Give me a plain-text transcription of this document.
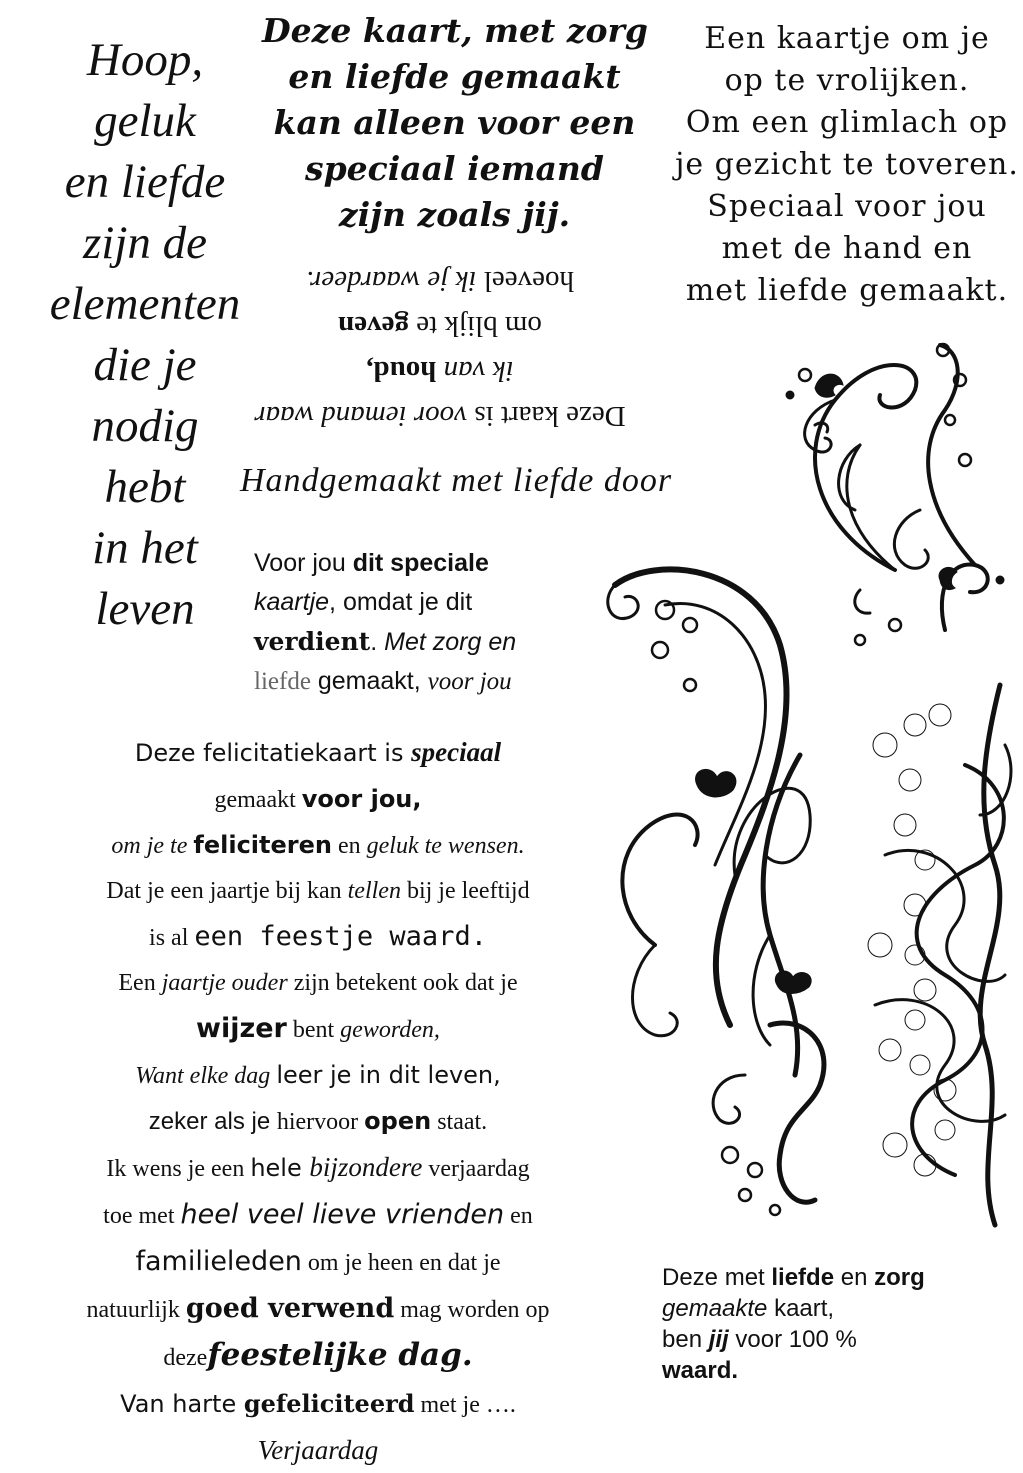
Hoop,
geluk
en liefde
zijn de
elementen
die je
nodig
hebt
in het
leven
Deze kaart, met zorg
en liefde gemaakt
kan alleen voor een
speciaal iemand
zijn zoals jij.
Een kaartje om je
op te vrolijken.
Om een glimlach op
je gezicht te toveren.
Speciaal voor jou
met de hand en
met liefde gemaakt.
Deze kaart is voor iemand waar
ik van houd,
om blijk te geven
hoeveel ik je waardeer.
Handgemaakt met liefde door
Voor jou dit speciale
kaartje, omdat je dit
verdient. Met zorg en
liefde gemaakt, voor jou
Deze felicitatiekaart is speciaal
gemaakt voor jou,
om je te feliciteren en geluk te wensen.
Dat je een jaartje bij kan tellen bij je leeftijd
is al een feestje waard.
Een jaartje ouder zijn betekent ook dat je
wijzer bent geworden,
Want elke dag leer je in dit leven,
zeker als je hiervoor open staat.
Ik wens je een hele bijzondere verjaardag
toe met heel veel lieve vrienden en
familieleden om je heen en dat je
natuurlijk goed verwend mag worden op
dezefeestelijke dag.
Van harte gefeliciteerd met je ….
Verjaardag
Deze met liefde en zorg
gemaakte kaart,
ben jij voor 100 %
waard.
